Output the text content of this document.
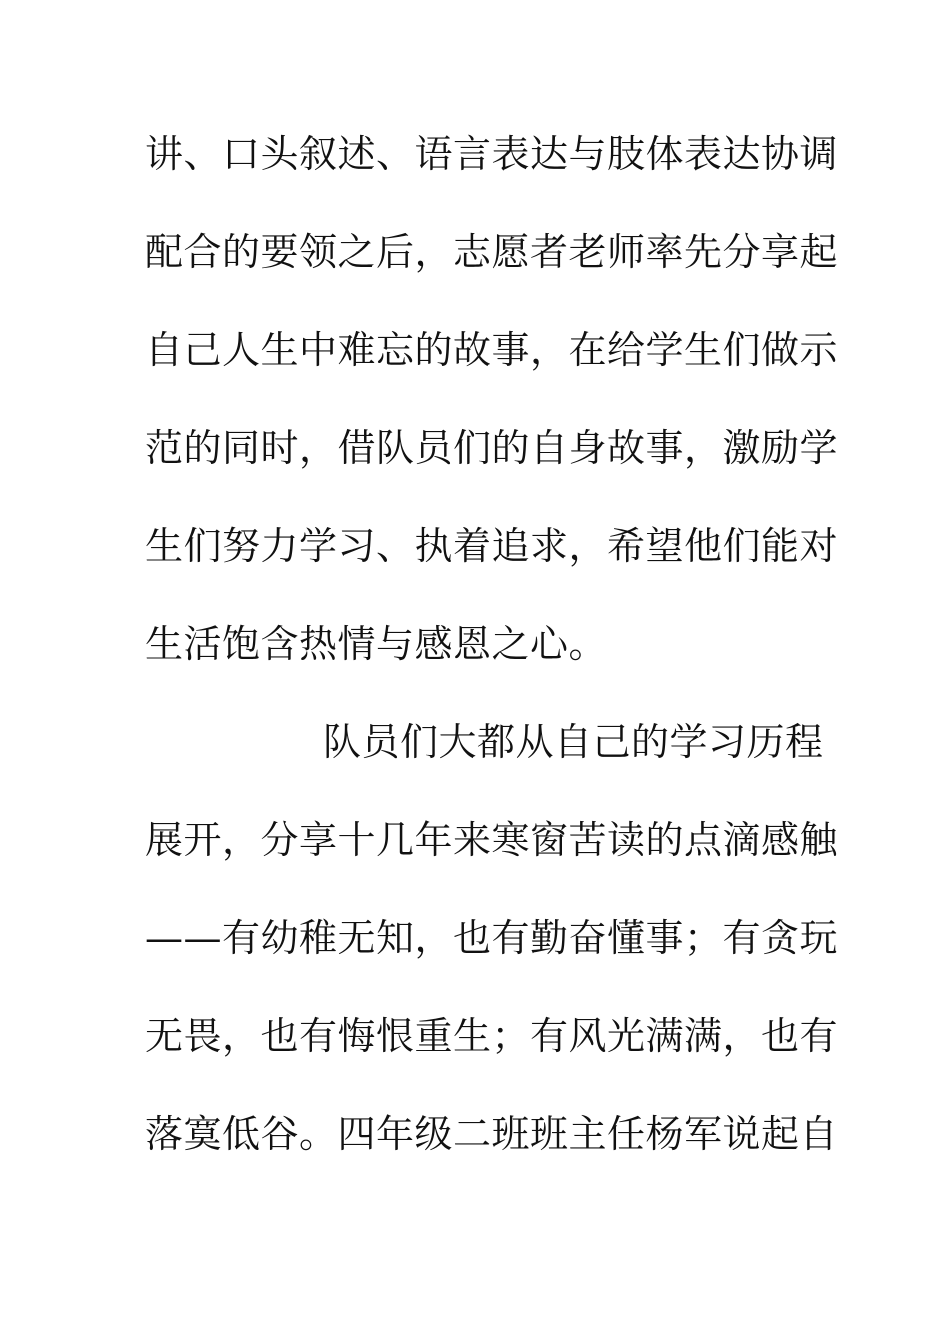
讲、口头叙述、语言表达与肢体表达协调
配合的要领之后，志愿者老师率先分享起
自己人生中难忘的故事，在给学生们做示
范的同时，借队员们的自身故事，激励学
生们努力学习、执着追求，希望他们能对
生活饱含热情与感恩之心。
队员们大都从自己的学习历程
展开，分享十几年来寒窗苦读的点滴感触
——有幼稚无知，也有勤奋懂事；有贪玩
无畏，也有悔恨重生；有风光满满，也有
落寞低谷。四年级二班班主任杨军说起自
